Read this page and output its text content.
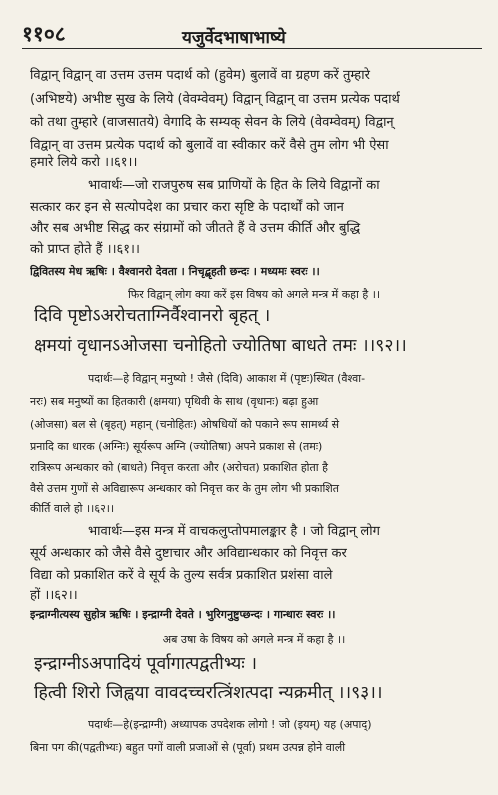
११०८	यजुर्वेदभाषाभाष्ये
विद्वान् विद्वान् वा उत्तम उत्तम पदार्थ को (हुवेम) बुलावें वा ग्रहण करें तुम्हारे
(अभिष्टये) अभीष्ट सुख के लिये (वेवम्वेवम्) विद्वान् विद्वान् वा उत्तम प्रत्येक पदार्थ
को तथा तुम्हारे (वाजसातये) वेगादि के सम्यक् सेवन के लिये (वेवम्वेवम्) विद्वान्
विद्वान् वा उत्तम प्रत्येक पदार्थ को बुलावें वा स्वीकार करें वैसे तुम लोग भी ऐसा
हमारे लिये करो ।।६१।।
भावार्थः—जो राजपुरुष सब प्राणियों के हित के लिये विद्वानों का
सत्कार कर इन से सत्योपदेश का प्रचार करा सृष्टि के पदार्थों को जान
और सब अभीष्ट सिद्ध कर संग्रामों को जीतते हैं वे उत्तम कीर्ति और बुद्धि
को प्राप्त होते हैं ।।६१।।
द्विवितस्य मेध ऋषिः । वैश्वानरो देवता । निचृद्बृहती छन्दः । मध्यमः स्वरः ।।
फिर विद्वान् लोग क्या करें इस विषय को अगले मन्त्र में कहा है ।।
दिवि पृष्टोऽअरोचताग्निर्वैश्वानरो बृहत् ।
क्षमयां वृधानऽओजसा चनोहितो ज्योतिषा बाधते तमः ।।९२।।
पदार्थः—हे विद्वान् मनुष्यो ! जैसे (दिवि) आकाश में (पृष्टः)स्थित (वैश्वा-
नरः) सब मनुष्यों का हितकारी (क्षमया) पृथिवी के साथ (वृधानः) बढ़ा हुआ
(ओजसा) बल से (बृहत्) महान् (चनोहितः) ओषधियों को पकाने रूप सामर्थ्य से
प्रनादि का धारक (अग्निः) सूर्यरूप अग्नि (ज्योतिषा) अपने प्रकाश से (तमः)
रात्रिरूप अन्धकार को (बाधते) निवृत्त करता और (अरोचत) प्रकाशित होता है
वैसे उत्तम गुणों से अविद्यारूप अन्धकार को निवृत्त कर के तुम लोग भी प्रकाशित
कीर्ति वाले हो ।।६२।।
भावार्थः—इस मन्त्र में वाचकलुप्तोपमालङ्कार है । जो विद्वान् लोग
सूर्य अन्धकार को जैसे वैसे दुष्टाचार और अविद्यान्धकार को निवृत्त कर
विद्या को प्रकाशित करें वे सूर्य के तुल्य सर्वत्र प्रकाशित प्रशंसा वाले
हों ।।६२।।
इन्द्राग्नीत्यस्य सुहोत्र ऋषिः । इन्द्राग्नी देवते । भुरिगनुष्टुप्छन्दः । गान्धारः स्वरः ।।
अब उषा के विषय को अगले मन्त्र में कहा है ।।
इन्द्राग्नीऽअपादियं पूर्वागात्पद्वतीभ्यः ।
हित्वी शिरो जिह्वया वावदच्चरत्त्रिंशत्पदा न्यक्रमीत् ।।९३।।
पदार्थः—हे(इन्द्राग्नी) अध्यापक उपदेशक लोगो ! जो (इयम्) यह (अपाद्)
बिना पग की(पद्वतीभ्यः) बहुत पगों वाली प्रजाओं से (पूर्वा) प्रथम उत्पन्न होने वाली
